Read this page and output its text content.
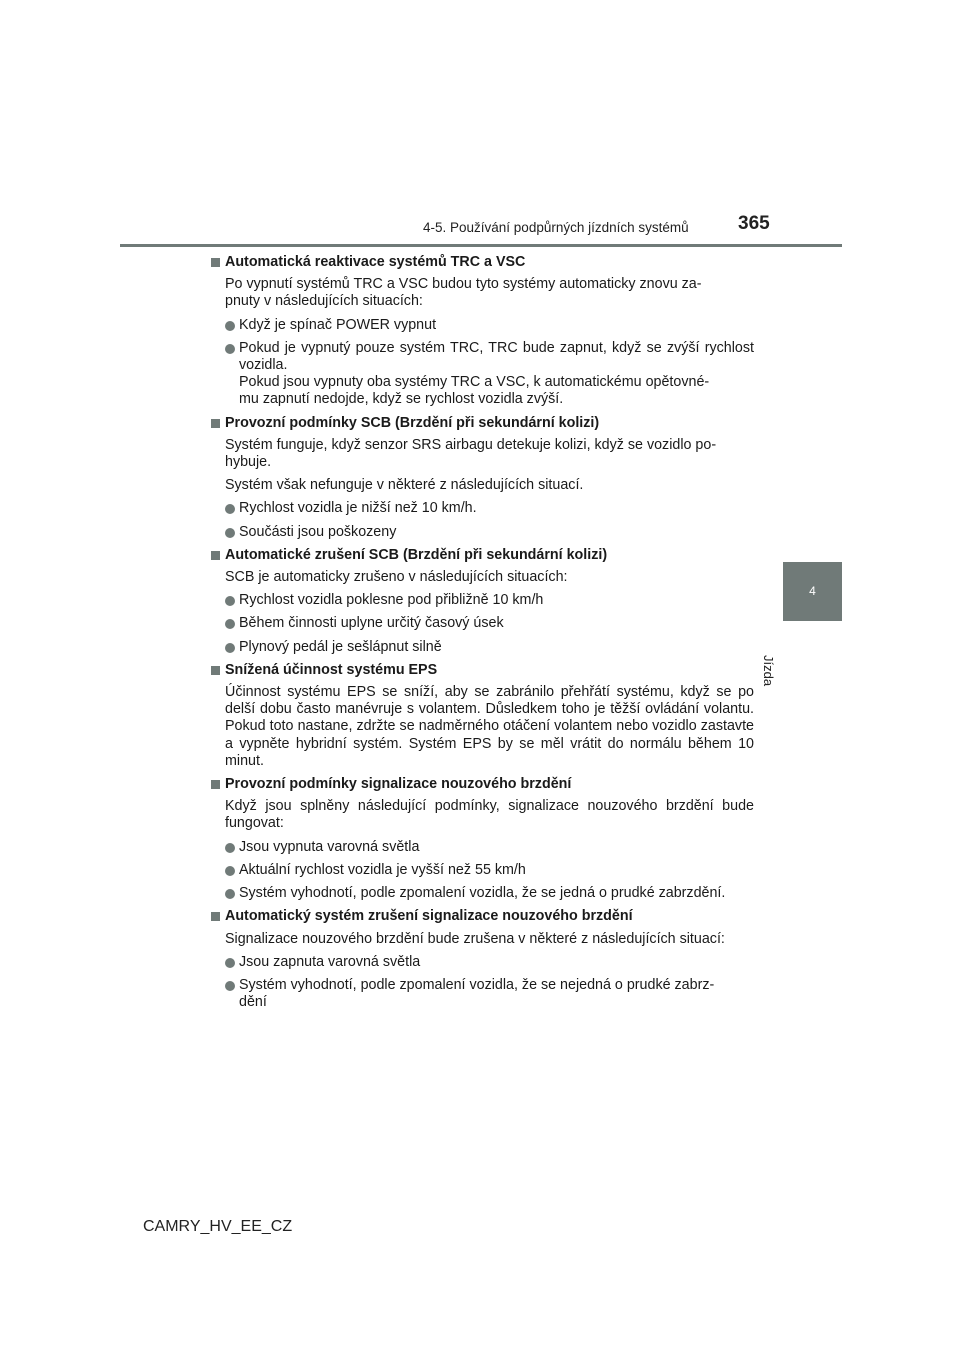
4-5. Používání podpůrných jízdních systémů	365
4
Jízda
Automatická reaktivace systémů TRC a VSC
Po vypnutí systémů TRC a VSC budou tyto systémy automaticky znovu za-
pnuty v následujících situacích:
Když je spínač POWER vypnut
Pokud je vypnutý pouze systém TRC, TRC bude zapnut, když se zvýší rychlost vozidla.
Pokud jsou vypnuty oba systémy TRC a VSC, k automatickému opětovné-
mu zapnutí nedojde, když se rychlost vozidla zvýší.
Provozní podmínky SCB (Brzdění při sekundární kolizi)
Systém funguje, když senzor SRS airbagu detekuje kolizi, když se vozidlo po-
hybuje.
Systém však nefunguje v některé z následujících situací.
Rychlost vozidla je nižší než 10 km/h.
Součásti jsou poškozeny
Automatické zrušení SCB (Brzdění při sekundární kolizi)
SCB je automaticky zrušeno v následujících situacích:
Rychlost vozidla poklesne pod přibližně 10 km/h
Během činnosti uplyne určitý časový úsek
Plynový pedál je sešlápnut silně
Snížená účinnost systému EPS
Účinnost systému EPS se sníží, aby se zabránilo přehřátí systému, když se po delší dobu často manévruje s volantem. Důsledkem toho je těžší ovládání volantu. Pokud toto nastane, zdržte se nadměrného otáčení volantem nebo vozidlo zastavte a vypněte hybridní systém. Systém EPS by se měl vrátit do normálu během 10 minut.
Provozní podmínky signalizace nouzového brzdění
Když jsou splněny následující podmínky, signalizace nouzového brzdění bude fungovat:
Jsou vypnuta varovná světla
Aktuální rychlost vozidla je vyšší než 55 km/h
Systém vyhodnotí, podle zpomalení vozidla, že se jedná o prudké zabrzdění.
Automatický systém zrušení signalizace nouzového brzdění
Signalizace nouzového brzdění bude zrušena v některé z následujících situací:
Jsou zapnuta varovná světla
Systém vyhodnotí, podle zpomalení vozidla, že se nejedná o prudké zabrz-
dění
CAMRY_HV_EE_CZ
